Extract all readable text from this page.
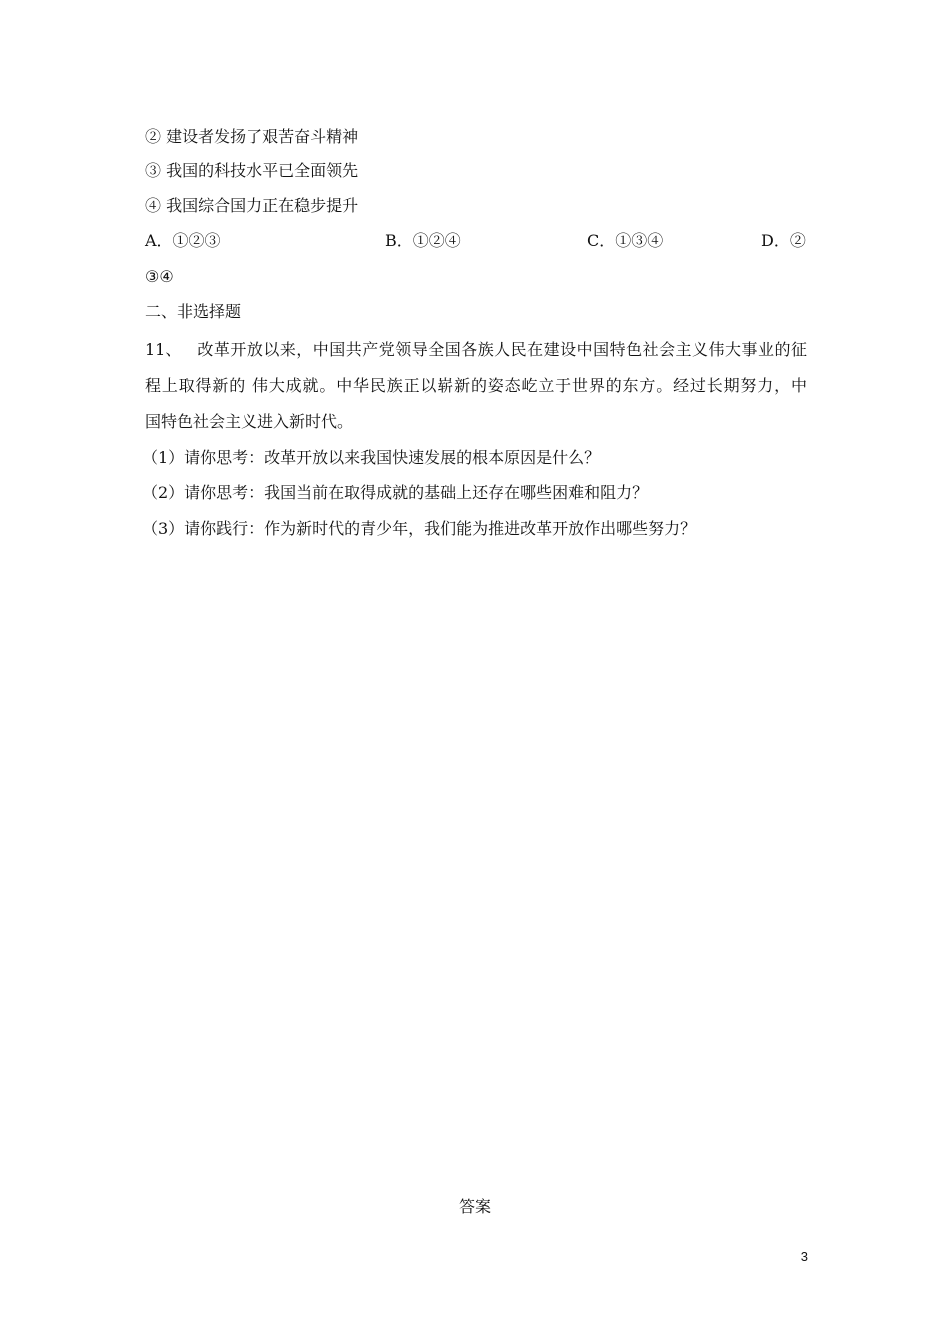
② 建设者发扬了艰苦奋斗精神
③ 我国的科技水平已全面领先
④ 我国综合国力正在稳步提升
A．①②③	B．①②④	C．①③④	D．②
③④
二、非选择题
11、	改革开放以来，中国共产党领导全国各族人民在建设中国特色社会主义伟大事业的征
程上取得新的 伟大成就。中华民族正以崭新的姿态屹立于世界的东方。经过长期努力，中
国特色社会主义进入新时代。
（1）请你思考：改革开放以来我国快速发展的根本原因是什么？
（2）请你思考：我国当前在取得成就的基础上还存在哪些困难和阻力？
（3）请你践行：作为新时代的青少年，我们能为推进改革开放作出哪些努力？
答案
3
